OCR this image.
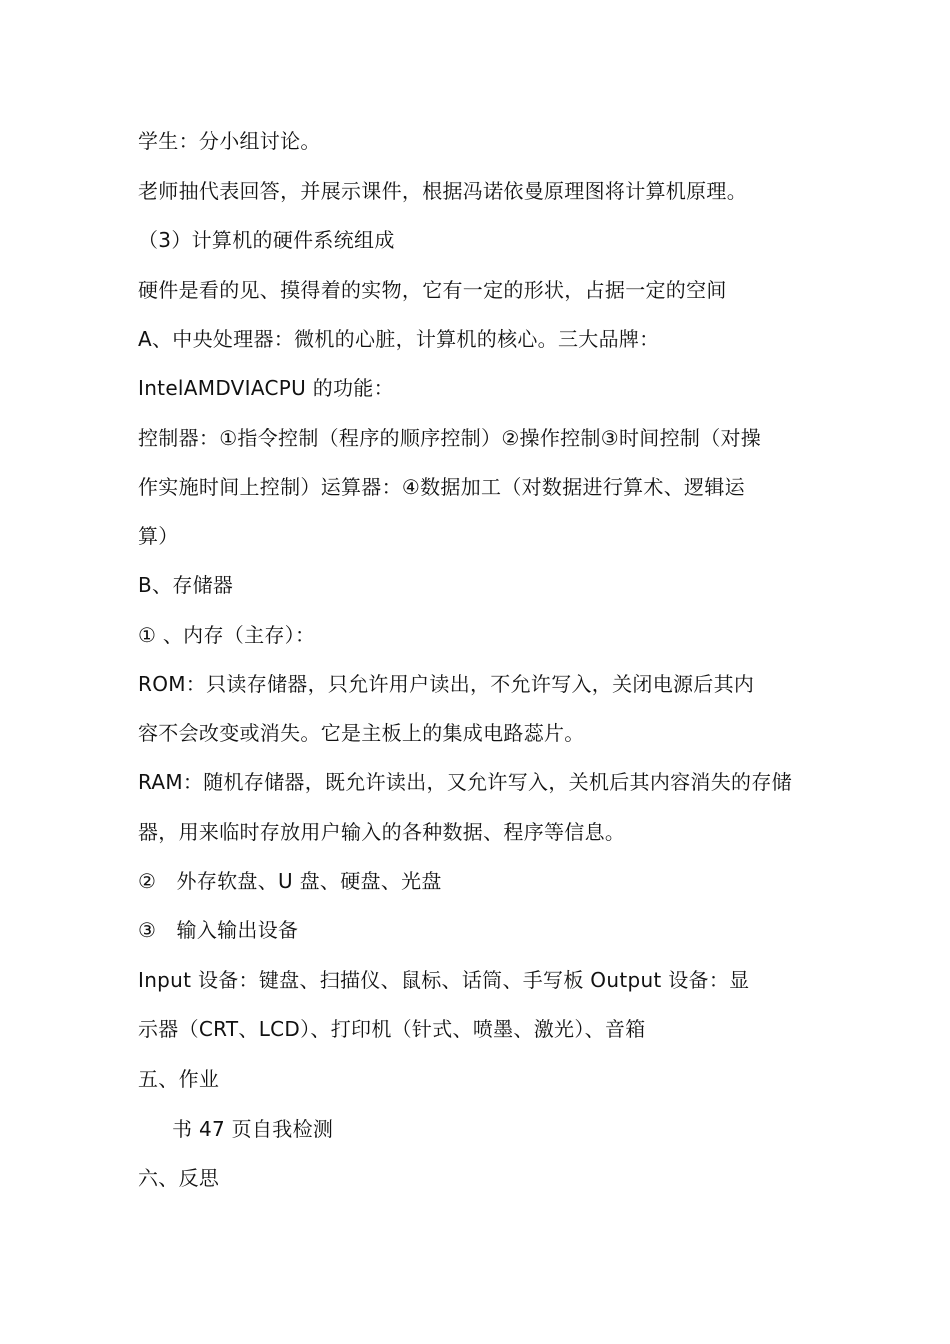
学生：分小组讨论。
老师抽代表回答，并展示课件，根据冯诺依曼原理图将计算机原理。
（3）计算机的硬件系统组成
硬件是看的见、摸得着的实物，它有一定的形状，占据一定的空间
A、中央处理器：微机的心脏，计算机的核心。三大品牌：
IntelAMDVIACPU 的功能：
控制器：①指令控制（程序的顺序控制）②操作控制③时间控制（对操
作实施时间上控制）运算器：④数据加工（对数据进行算术、逻辑运
算）
B、存储器
① 、内存（主存）：
ROM：只读存储器，只允许用户读出，不允许写入，关闭电源后其内
容不会改变或消失。它是主板上的集成电路蕊片。
RAM：随机存储器，既允许读出，又允许写入，关机后其内容消失的存储
器，用来临时存放用户输入的各种数据、程序等信息。
②　外存软盘、U 盘、硬盘、光盘
③　输入输出设备
Input 设备：键盘、扫描仪、鼠标、话筒、手写板 Output 设备：显
示器（CRT、LCD）、打印机（针式、喷墨、激光）、音箱
五、作业
书 47 页自我检测
六、反思
